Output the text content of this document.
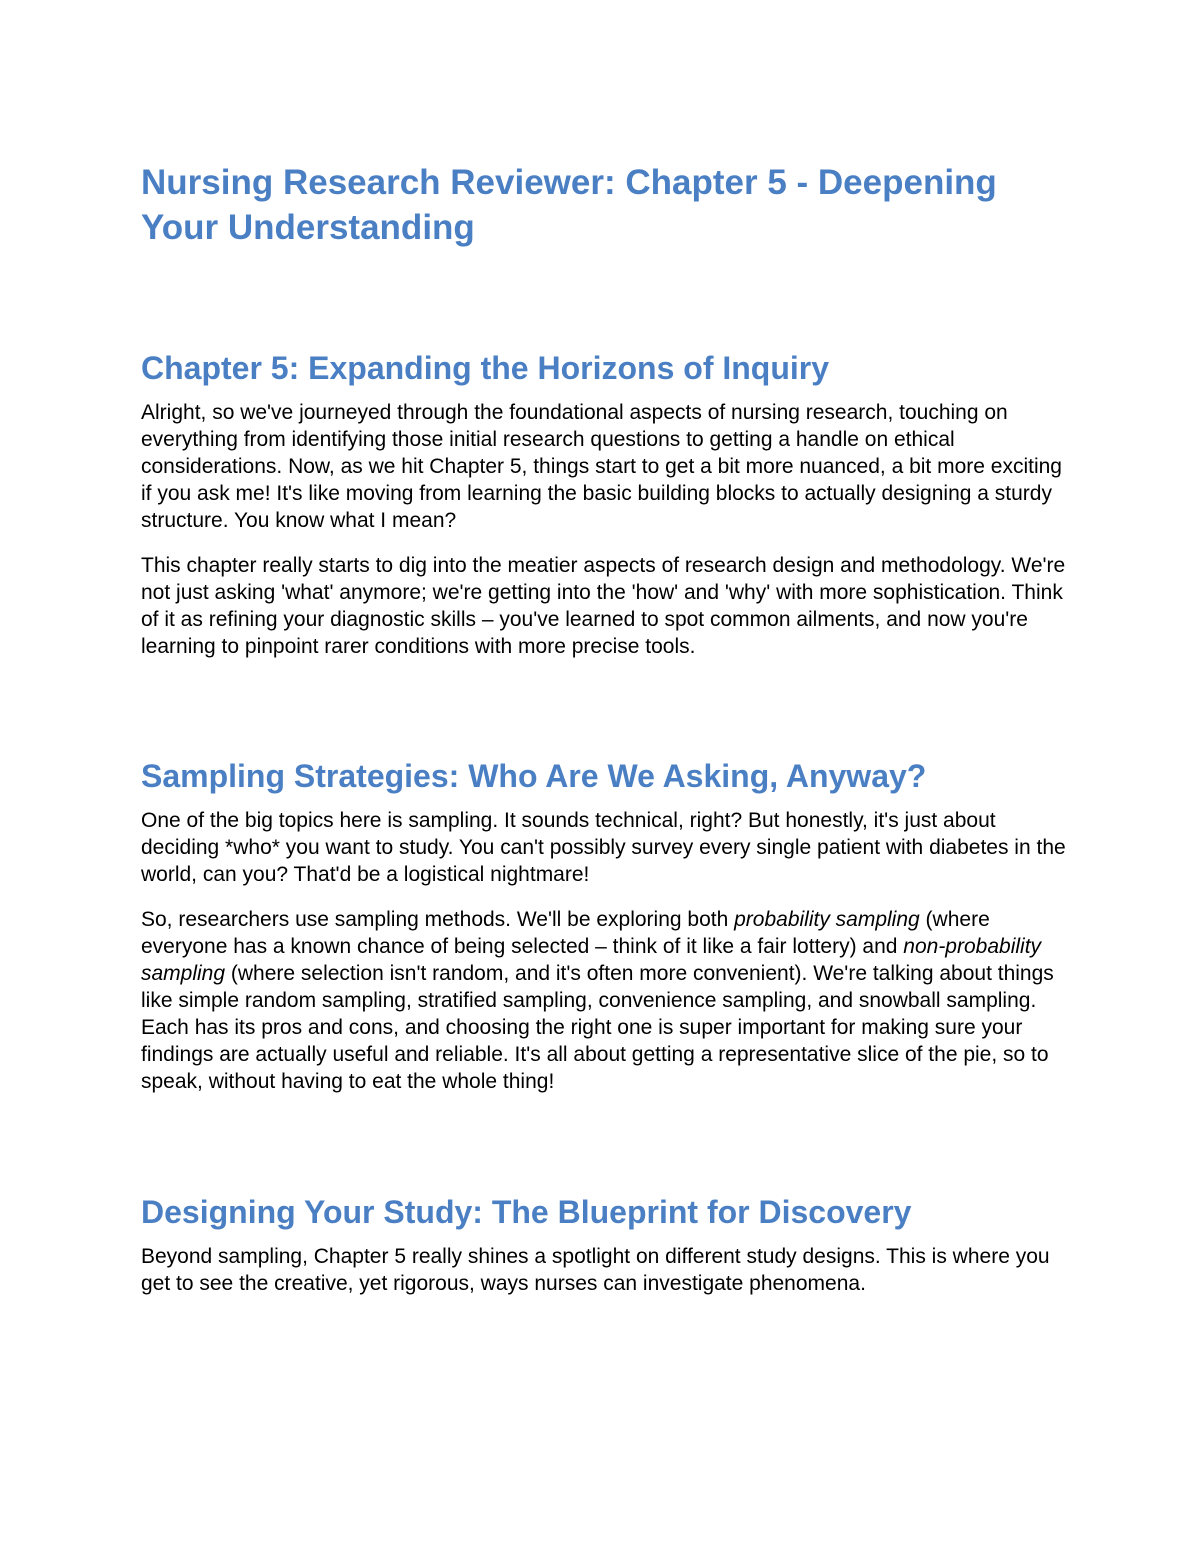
Nursing Research Reviewer: Chapter 5 - Deepening Your Understanding
Chapter 5: Expanding the Horizons of Inquiry

Alright, so we've journeyed through the foundational aspects of nursing research, touching on everything from identifying those initial research questions to getting a handle on ethical considerations. Now, as we hit Chapter 5, things start to get a bit more nuanced, a bit more exciting if you ask me! It's like moving from learning the basic building blocks to actually designing a sturdy structure. You know what I mean?

This chapter really starts to dig into the meatier aspects of research design and methodology. We're not just asking 'what' anymore; we're getting into the 'how' and 'why' with more sophistication. Think of it as refining your diagnostic skills – you've learned to spot common ailments, and now you're learning to pinpoint rarer conditions with more precise tools.

Sampling Strategies: Who Are We Asking, Anyway?

One of the big topics here is sampling. It sounds technical, right? But honestly, it's just about deciding *who* you want to study. You can't possibly survey every single patient with diabetes in the world, can you? That'd be a logistical nightmare!

So, researchers use sampling methods. We'll be exploring both probability sampling (where everyone has a known chance of being selected – think of it like a fair lottery) and non-probability sampling (where selection isn't random, and it's often more convenient). We're talking about things like simple random sampling, stratified sampling, convenience sampling, and snowball sampling. Each has its pros and cons, and choosing the right one is super important for making sure your findings are actually useful and reliable. It's all about getting a representative slice of the pie, so to speak, without having to eat the whole thing!

Designing Your Study: The Blueprint for Discovery

Beyond sampling, Chapter 5 really shines a spotlight on different study designs. This is where you get to see the creative, yet rigorous, ways nurses can investigate phenomena.
